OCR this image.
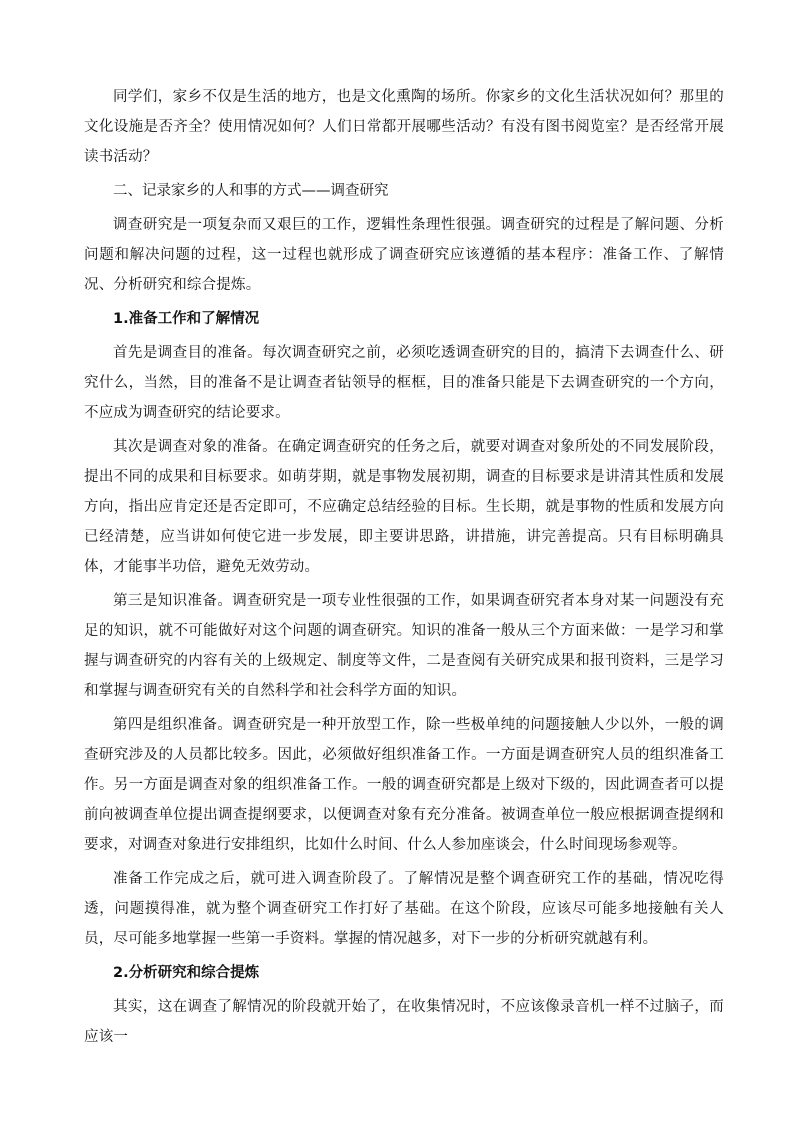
同学们，家乡不仅是生活的地方，也是文化熏陶的场所。你家乡的文化生活状况如何？那里的文化设施是否齐全？使用情况如何？人们日常都开展哪些活动？有没有图书阅览室？是否经常开展读书活动？

二、记录家乡的人和事的方式——调查研究

调查研究是一项复杂而又艰巨的工作，逻辑性条理性很强。调查研究的过程是了解问题、分析问题和解决问题的过程，这一过程也就形成了调查研究应该遵循的基本程序：准备工作、了解情况、分析研究和综合提炼。

1.准备工作和了解情况

首先是调查目的准备。每次调查研究之前，必须吃透调查研究的目的，搞清下去调查什么、研究什么，当然，目的准备不是让调查者钻领导的框框，目的准备只能是下去调查研究的一个方向，不应成为调查研究的结论要求。

其次是调查对象的准备。在确定调查研究的任务之后，就要对调查对象所处的不同发展阶段，提出不同的成果和目标要求。如萌芽期，就是事物发展初期，调查的目标要求是讲清其性质和发展方向，指出应肯定还是否定即可，不应确定总结经验的目标。生长期，就是事物的性质和发展方向已经清楚，应当讲如何使它进一步发展，即主要讲思路，讲措施，讲完善提高。只有目标明确具体，才能事半功倍，避免无效劳动。

第三是知识准备。调查研究是一项专业性很强的工作，如果调查研究者本身对某一问题没有充足的知识，就不可能做好对这个问题的调查研究。知识的准备一般从三个方面来做：一是学习和掌握与调查研究的内容有关的上级规定、制度等文件，二是查阅有关研究成果和报刊资料，三是学习和掌握与调查研究有关的自然科学和社会科学方面的知识。

第四是组织准备。调查研究是一种开放型工作，除一些极单纯的问题接触人少以外，一般的调查研究涉及的人员都比较多。因此，必须做好组织准备工作。一方面是调查研究人员的组织准备工作。另一方面是调查对象的组织准备工作。一般的调查研究都是上级对下级的，因此调查者可以提前向被调查单位提出调查提纲要求，以便调查对象有充分准备。被调查单位一般应根据调查提纲和要求，对调查对象进行安排组织，比如什么时间、什么人参加座谈会，什么时间现场参观等。

准备工作完成之后，就可进入调查阶段了。了解情况是整个调查研究工作的基础，情况吃得透，问题摸得准，就为整个调查研究工作打好了基础。在这个阶段，应该尽可能多地接触有关人员，尽可能多地掌握一些第一手资料。掌握的情况越多，对下一步的分析研究就越有利。

2.分析研究和综合提炼

其实，这在调查了解情况的阶段就开始了，在收集情况时，不应该像录音机一样不过脑子，而应该一
